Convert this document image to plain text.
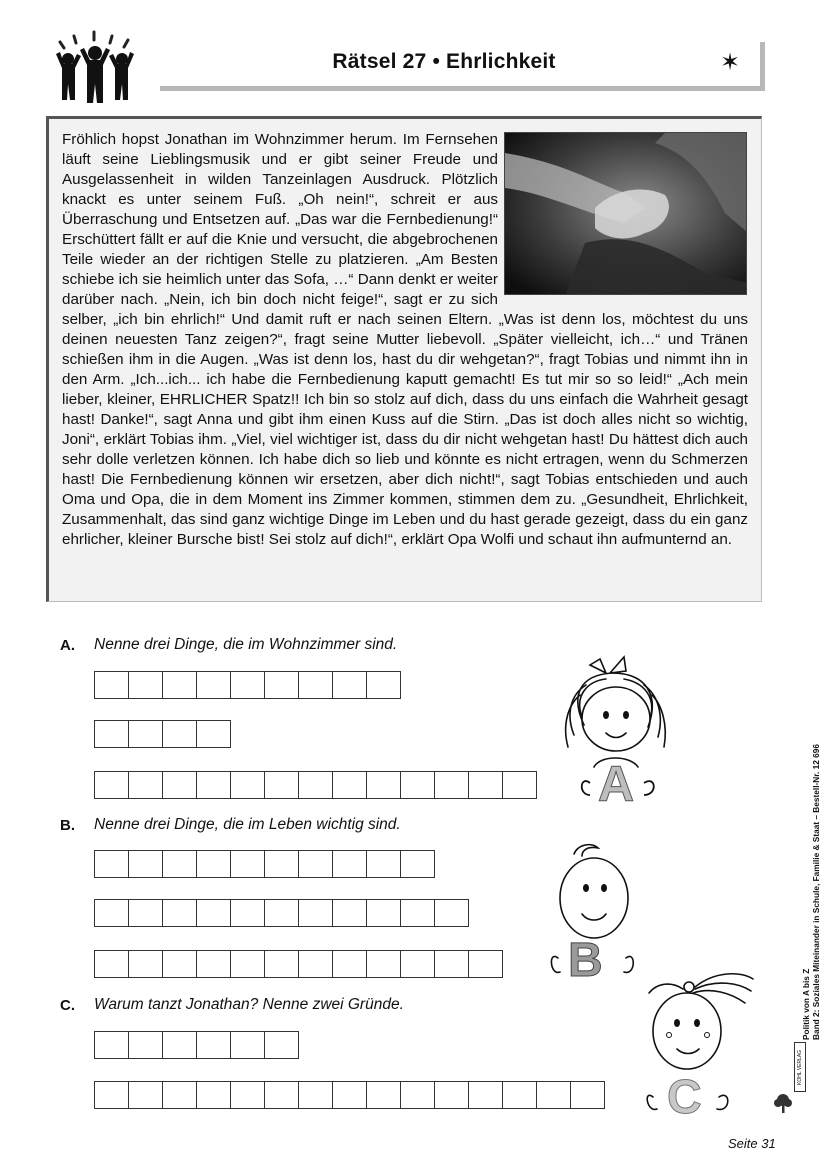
Rätsel 27 • Ehrlichkeit	✶

Fröhlich hopst Jonathan im Wohnzimmer herum. Im Fernsehen läuft seine Lieblingsmusik und er gibt seiner Freude und Ausgelassenheit in wilden Tanzeinlagen Ausdruck. Plötzlich knackt es unter seinem Fuß. „Oh nein!“, schreit er aus Überraschung und Entsetzen auf. „Das war die Fernbedienung!“ Erschüttert fällt er auf die Knie und versucht, die abgebrochenen Teile wieder an der richtigen Stelle zu platzieren. „Am Besten schiebe ich sie heimlich unter das Sofa, …“ Dann denkt er weiter darüber nach. „Nein, ich bin doch nicht feige!“, sagt er zu sich selber, „ich bin ehrlich!“ Und damit ruft er nach seinen Eltern. „Was ist denn los, möchtest du uns deinen neuesten Tanz zeigen?“, fragt seine Mutter liebevoll. „Später vielleicht, ich…“ und Tränen schießen ihm in die Augen. „Was ist denn los, hast du dir wehgetan?“, fragt Tobias und nimmt ihn in den Arm. „Ich...ich... ich habe die Fernbedienung kaputt gemacht! Es tut mir so so leid!“ „Ach mein lieber, kleiner, EHRLICHER Spatz!! Ich bin so stolz auf dich, dass du uns einfach die Wahrheit gesagt hast! Danke!“, sagt Anna und gibt ihm einen Kuss auf die Stirn. „Das ist doch alles nicht so wichtig, Joni“, erklärt Tobias ihm. „Viel, viel wichtiger ist, dass du dir nicht wehgetan hast! Du hättest dich auch sehr dolle verletzen können. Ich habe dich so lieb und könnte es nicht ertragen, wenn du Schmerzen hast! Die Fernbedienung können wir ersetzen, aber dich nicht!“, sagt Tobias entschieden und auch Oma und Opa, die in dem Moment ins Zimmer kommen, stimmen dem zu. „Gesundheit, Ehrlichkeit, Zusammenhalt, das sind ganz wichtige Dinge im Leben und du hast gerade gezeigt, dass du ein ganz ehrlicher, kleiner Bursche bist! Sei stolz auf dich!“, erklärt Opa Wolfi und schaut ihn aufmunternd an.

A. Nenne drei Dinge, die im Wohnzimmer sind.
B. Nenne drei Dinge, die im Leben wichtig sind.
C. Warum tanzt Jonathan? Nenne zwei Gründe.
A
B
C
Politik von A bis Z Band 2: Soziales Miteinander in Schule, Familie & Staat – Bestell-Nr. 12 696
KOHL VERLAG
Seite 31
